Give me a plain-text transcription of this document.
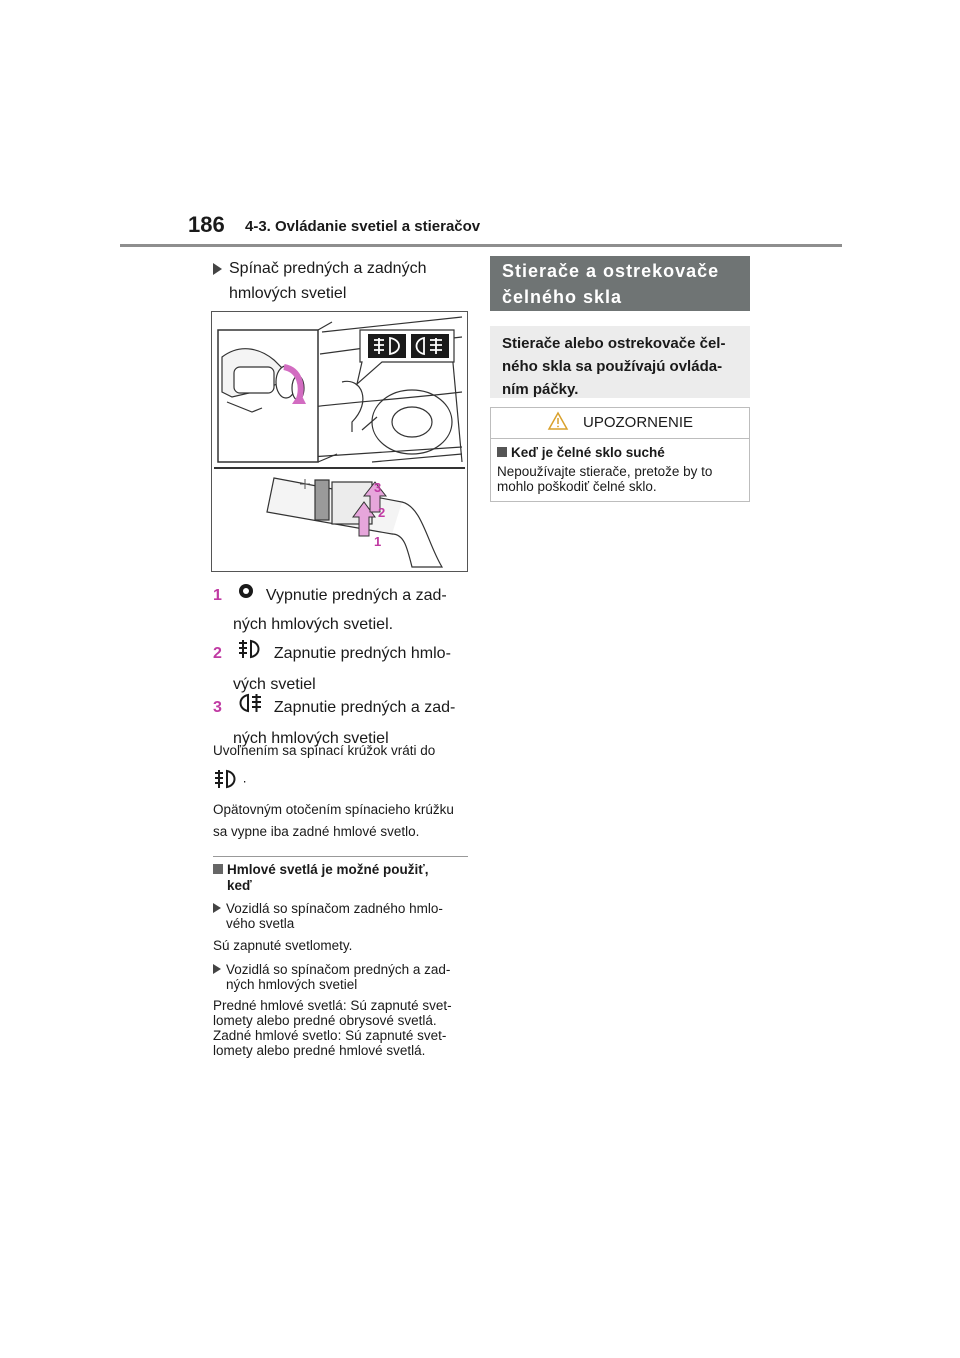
186 4-3. Ovládanie svetiel a stieračov
Spínač predných a zadných
hmlových svetiel
1
2
3
1	Vypnutie predných a zad-
ných hmlových svetiel.
2	Zapnutie predných hmlo-
vých svetiel
3	Zapnutie predných a zad-
ných hmlových svetiel
Uvoľnením sa spínací krúžok vráti do
.
Opätovným otočením spínacieho krúžku
sa vypne iba zadné hmlové svetlo.
Hmlové svetlá je možné použiť,
keď
Vozidlá so spínačom zadného hmlo-
vého svetla
Sú zapnuté svetlomety.
Vozidlá so spínačom predných a zad-
ných hmlových svetiel
Predné hmlové svetlá: Sú zapnuté svet-
lomety alebo predné obrysové svetlá.
Zadné hmlové svetlo: Sú zapnuté svet-
lomety alebo predné hmlové svetlá.
Stierače a ostrekovače
čelného skla
Stierače alebo ostrekovače čel-
ného skla sa používajú ovláda-
ním páčky.
UPOZORNENIE
Keď je čelné sklo suché
Nepoužívajte stierače, pretože by to
mohlo poškodiť čelné sklo.
